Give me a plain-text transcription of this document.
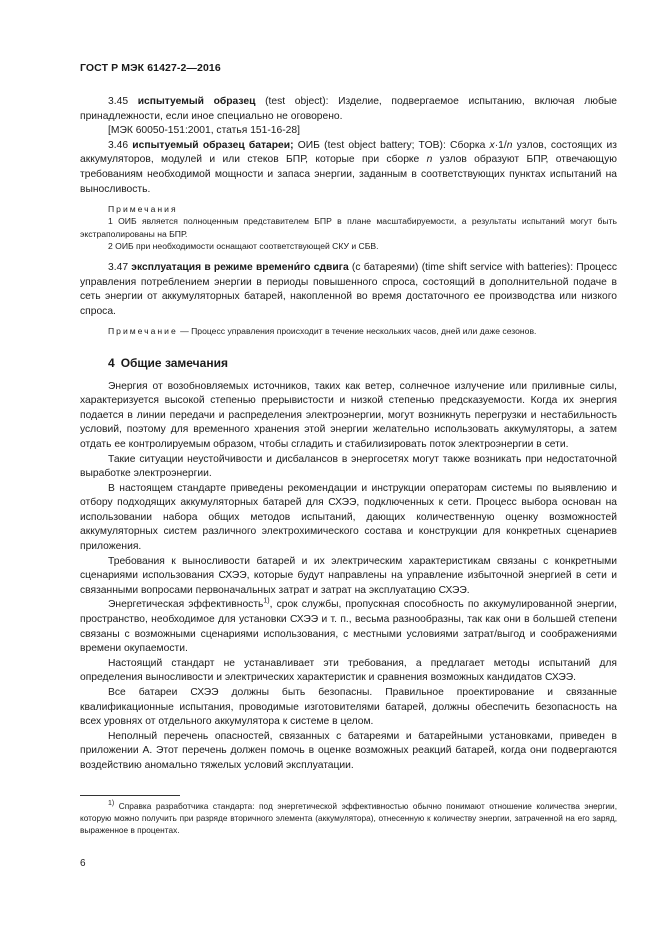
ГОСТ Р МЭК 61427-2—2016

3.45 испытуемый образец (test object): Изделие, подвергаемое испытанию, включая любые принадлежности, если иное специально не оговорено.

[МЭК 60050-151:2001, статья 151-16-28]

3.46 испытуемый образец батареи; ОИБ (test object battery; TOB): Сборка x·1/n узлов, состоящих из аккумуляторов, модулей и или стеков БПР, которые при сборке n узлов образуют БПР, отвечающую требованиям необходимой мощности и запаса энергии, заданным в соответствующих пунктах испытаний на выносливость.

Примечания

1 ОИБ является полноценным представителем БПР в плане масштабируемости, а результаты испытаний могут быть экстраполированы на БПР.

2 ОИБ при необходимости оснащают соответствующей СКУ и СБВ.

3.47 эксплуатация в режиме времени́го сдвига (с батареями) (time shift service with batteries): Процесс управления потреблением энергии в периоды повышенного спроса, состоящий в дополнительной подаче в сеть энергии от аккумуляторных батарей, накопленной во время достаточного ее производства или низкого спроса.

Примечание — Процесс управления происходит в течение нескольких часов, дней или даже сезонов.

4 Общие замечания

Энергия от возобновляемых источников, таких как ветер, солнечное излучение или приливные силы, характеризуется высокой степенью прерывистости и низкой степенью предсказуемости. Когда их энергия подается в линии передачи и распределения электроэнергии, могут возникнуть перегрузки и нестабильность условий, поэтому для временного хранения этой энергии желательно использовать аккумуляторы, а затем отдать ее контролируемым образом, чтобы сгладить и стабилизировать поток электроэнергии в сети.

Такие ситуации неустойчивости и дисбалансов в энергосетях могут также возникать при недостаточной выработке электроэнергии.

В настоящем стандарте приведены рекомендации и инструкции операторам системы по выявлению и отбору подходящих аккумуляторных батарей для СХЭЭ, подключенных к сети. Процесс выбора основан на использовании набора общих методов испытаний, дающих количественную оценку возможностей аккумуляторных систем различного электрохимического состава и конструкции для конкретных сценариев приложения.

Требования к выносливости батарей и их электрическим характеристикам связаны с конкретными сценариями использования СХЭЭ, которые будут направлены на управление избыточной энергией в сети и связанными вопросами первоначальных затрат и затрат на эксплуатацию СХЭЭ.

Энергетическая эффективность$^{1)}$, срок службы, пропускная способность по аккумулированной энергии, пространство, необходимое для установки СХЭЭ и т. п., весьма разнообразны, так как они в большей степени связаны с возможными сценариями использования, с местными условиями затрат/выгод и соображениями времени окупаемости.

Настоящий стандарт не устанавливает эти требования, а предлагает методы испытаний для определения выносливости и электрических характеристик и сравнения возможных кандидатов СХЭЭ.

Все батареи СХЭЭ должны быть безопасны. Правильное проектирование и связанные квалификационные испытания, проводимые изготовителями батарей, должны обеспечить безопасность на всех уровнях от отдельного аккумулятора к системе в целом.

Неполный перечень опасностей, связанных с батареями и батарейными установками, приведен в приложении А. Этот перечень должен помочь в оценке возможных реакций батарей, когда они подвергаются воздействию аномально тяжелых условий эксплуатации.

$^{1)}$ Справка разработчика стандарта: под энергетической эффективностью обычно понимают отношение количества энергии, которую можно получить при разряде вторичного элемента (аккумулятора), отнесенную к количеству энергии, затраченной на его заряд, выраженное в процентах.

6
